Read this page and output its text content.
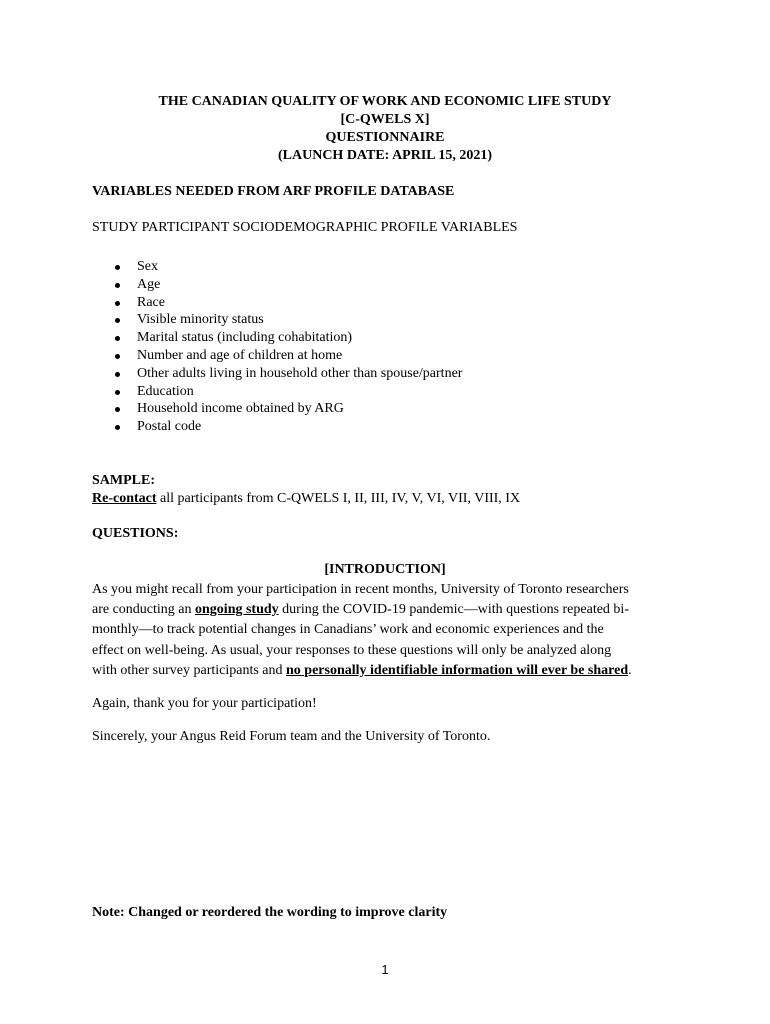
THE CANADIAN QUALITY OF WORK AND ECONOMIC LIFE STUDY
[C-QWELS X]
QUESTIONNAIRE
(LAUNCH DATE: APRIL 15, 2021)
VARIABLES NEEDED FROM ARF PROFILE DATABASE
STUDY PARTICIPANT SOCIODEMOGRAPHIC PROFILE VARIABLES
Sex
Age
Race
Visible minority status
Marital status (including cohabitation)
Number and age of children at home
Other adults living in household other than spouse/partner
Education
Household income obtained by ARG
Postal code
SAMPLE:
Re-contact all participants from C-QWELS I, II, III, IV, V, VI, VII, VIII, IX
QUESTIONS:
[INTRODUCTION]
As you might recall from your participation in recent months, University of Toronto researchers
are conducting an ongoing study during the COVID-19 pandemic—with questions repeated bi-
monthly—to track potential changes in Canadians’ work and economic experiences and the
effect on well-being. As usual, your responses to these questions will only be analyzed along
with other survey participants and no personally identifiable information will ever be shared.
Again, thank you for your participation!
Sincerely, your Angus Reid Forum team and the University of Toronto.
Note: Changed or reordered the wording to improve clarity
1
